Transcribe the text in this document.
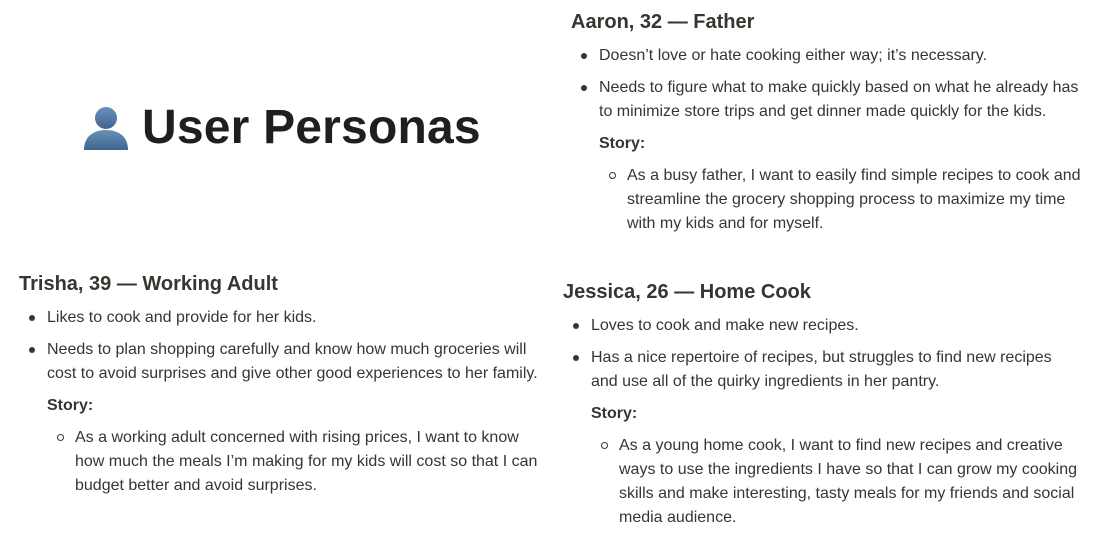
User Personas
Aaron, 32 — Father
Doesn’t love or hate cooking either way; it’s necessary.
Needs to figure what to make quickly based on what he already has to minimize store trips and get dinner made quickly for the kids.
Story:
As a busy father, I want to easily find simple recipes to cook and streamline the grocery shopping process to maximize my time with my kids and for myself.
Trisha, 39 — Working Adult
Likes to cook and provide for her kids.
Needs to plan shopping carefully and know how much groceries will cost to avoid surprises and give other good experiences to her family.
Story:
As a working adult concerned with rising prices, I want to know how much the meals I’m making for my kids will cost so that I can budget better and avoid surprises.
Jessica, 26 — Home Cook
Loves to cook and make new recipes.
Has a nice repertoire of recipes, but struggles to find new recipes and use all of the quirky ingredients in her pantry.
Story:
As a young home cook, I want to find new recipes and creative ways to use the ingredients I have so that I can grow my cooking skills and make interesting, tasty meals for my friends and social media audience.
